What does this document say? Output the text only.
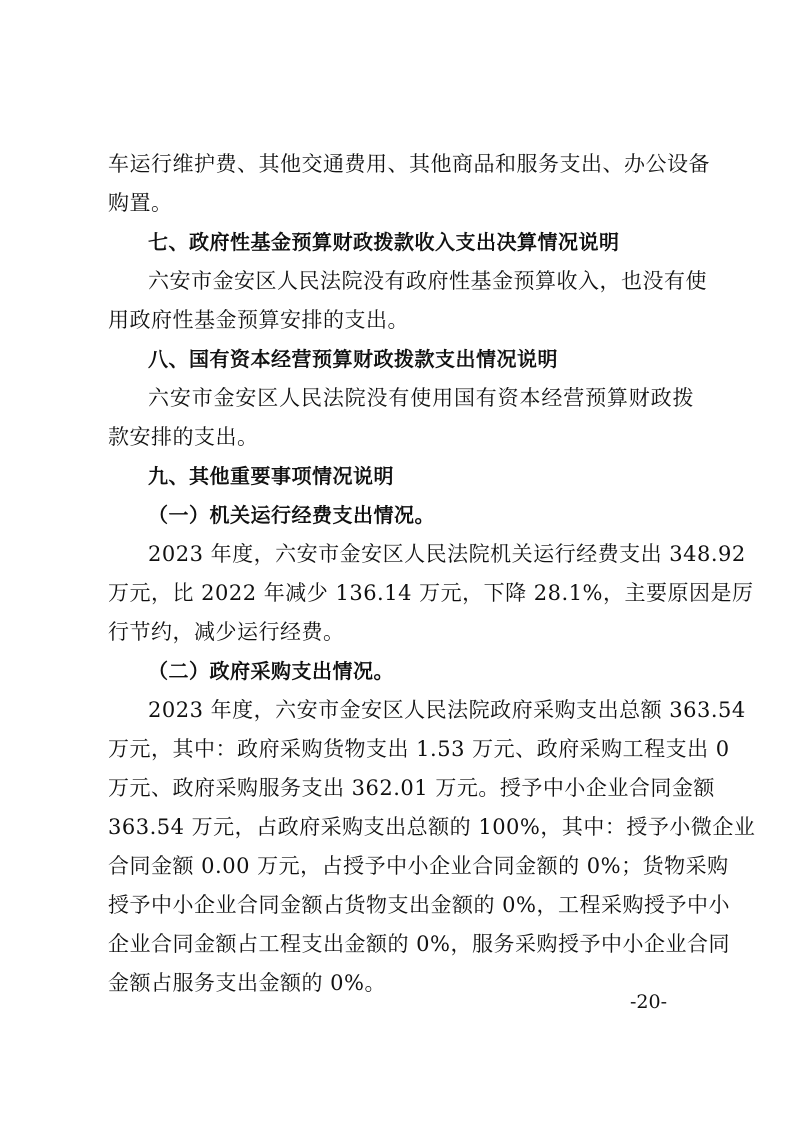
车运行维护费、其他交通费用、其他商品和服务支出、办公设备
购置。
七、政府性基金预算财政拨款收入支出决算情况说明
六安市金安区人民法院没有政府性基金预算收入，也没有使
用政府性基金预算安排的支出。
八、国有资本经营预算财政拨款支出情况说明
六安市金安区人民法院没有使用国有资本经营预算财政拨
款安排的支出。
九、其他重要事项情况说明
（一）机关运行经费支出情况。
2023 年度，六安市金安区人民法院机关运行经费支出 348.92
万元，比 2022 年减少 136.14 万元，下降 28.1%，主要原因是厉
行节约，减少运行经费。
（二）政府采购支出情况。
2023 年度，六安市金安区人民法院政府采购支出总额 363.54
万元，其中：政府采购货物支出 1.53 万元、政府采购工程支出 0
万元、政府采购服务支出 362.01 万元。授予中小企业合同金额
363.54 万元，占政府采购支出总额的 100%，其中：授予小微企业
合同金额 0.00 万元，占授予中小企业合同金额的 0%；货物采购
授予中小企业合同金额占货物支出金额的 0%，工程采购授予中小
企业合同金额占工程支出金额的 0%，服务采购授予中小企业合同
金额占服务支出金额的 0%。
-20-
